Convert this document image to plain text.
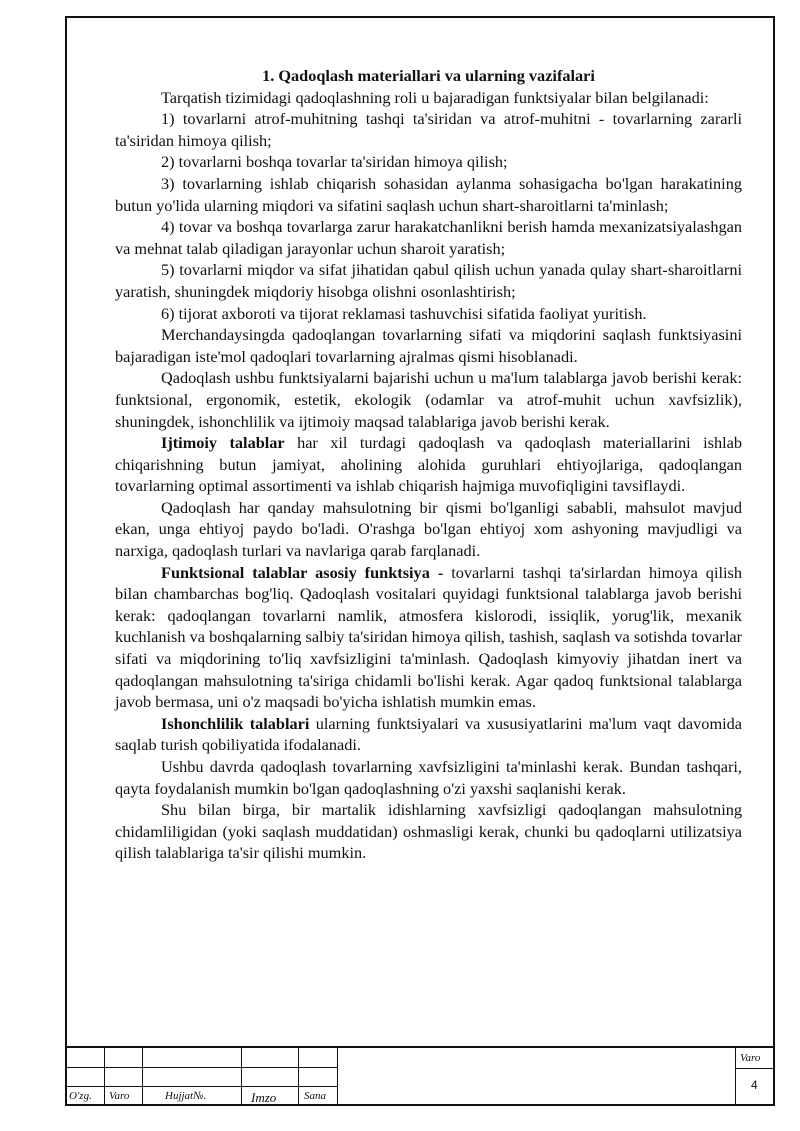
1. Qadoqlash materiallari va ularning vazifalari

Tarqatish tizimidagi qadoqlashning roli u bajaradigan funktsiyalar bilan belgilanadi:

1) tovarlarni atrof-muhitning tashqi ta'siridan va atrof-muhitni - tovarlarning zararli ta'siridan himoya qilish;

2) tovarlarni boshqa tovarlar ta'siridan himoya qilish;

3) tovarlarning ishlab chiqarish sohasidan aylanma sohasigacha bo'lgan harakatining butun yo'lida ularning miqdori va sifatini saqlash uchun shart-sharoitlarni ta'minlash;

4) tovar va boshqa tovarlarga zarur harakatchanlikni berish hamda mexanizatsiyalashgan va mehnat talab qiladigan jarayonlar uchun sharoit yaratish;

5) tovarlarni miqdor va sifat jihatidan qabul qilish uchun yanada qulay shart-sharoitlarni yaratish, shuningdek miqdoriy hisobga olishni osonlashtirish;

6) tijorat axboroti va tijorat reklamasi tashuvchisi sifatida faoliyat yuritish.

Merchandaysingda qadoqlangan tovarlarning sifati va miqdorini saqlash funktsiyasini bajaradigan iste'mol qadoqlari tovarlarning ajralmas qismi hisoblanadi.

Qadoqlash ushbu funktsiyalarni bajarishi uchun u ma'lum talablarga javob berishi kerak: funktsional, ergonomik, estetik, ekologik (odamlar va atrof-muhit uchun xavfsizlik), shuningdek, ishonchlilik va ijtimoiy maqsad talablariga javob berishi kerak.

Ijtimoiy talablar har xil turdagi qadoqlash va qadoqlash materiallarini ishlab chiqarishning butun jamiyat, aholining alohida guruhlari ehtiyojlariga, qadoqlangan tovarlarning optimal assortimenti va ishlab chiqarish hajmiga muvofiqligini tavsiflaydi.

Qadoqlash har qanday mahsulotning bir qismi bo'lganligi sababli, mahsulot mavjud ekan, unga ehtiyoj paydo bo'ladi. O'rashga bo'lgan ehtiyoj xom ashyoning mavjudligi va narxiga, qadoqlash turlari va navlariga qarab farqlanadi.

Funktsional talablar asosiy funktsiya - tovarlarni tashqi ta'sirlardan himoya qilish bilan chambarchas bog'liq. Qadoqlash vositalari quyidagi funktsional talablarga javob berishi kerak: qadoqlangan tovarlarni namlik, atmosfera kislorodi, issiqlik, yorug'lik, mexanik kuchlanish va boshqalarning salbiy ta'siridan himoya qilish, tashish, saqlash va sotishda tovarlar sifati va miqdorining to'liq xavfsizligini ta'minlash. Qadoqlash kimyoviy jihatdan inert va qadoqlangan mahsulotning ta'siriga chidamli bo'lishi kerak. Agar qadoq funktsional talablarga javob bermasa, uni o'z maqsadi bo'yicha ishlatish mumkin emas.

Ishonchlilik talablari ularning funktsiyalari va xususiyatlarini ma'lum vaqt davomida saqlab turish qobiliyatida ifodalanadi.

Ushbu davrda qadoqlash tovarlarning xavfsizligini ta'minlashi kerak. Bundan tashqari, qayta foydalanish mumkin bo'lgan qadoqlashning o'zi yaxshi saqlanishi kerak.

Shu bilan birga, bir martalik idishlarning xavfsizligi qadoqlangan mahsulotning chidamliligidan (yoki saqlash muddatidan) oshmasligi kerak, chunki bu qadoqlarni utilizatsiya qilish talablariga ta'sir qilishi mumkin.

O'zg. Varo	Hujjat№.	Imzo	Sana
Varo
4
